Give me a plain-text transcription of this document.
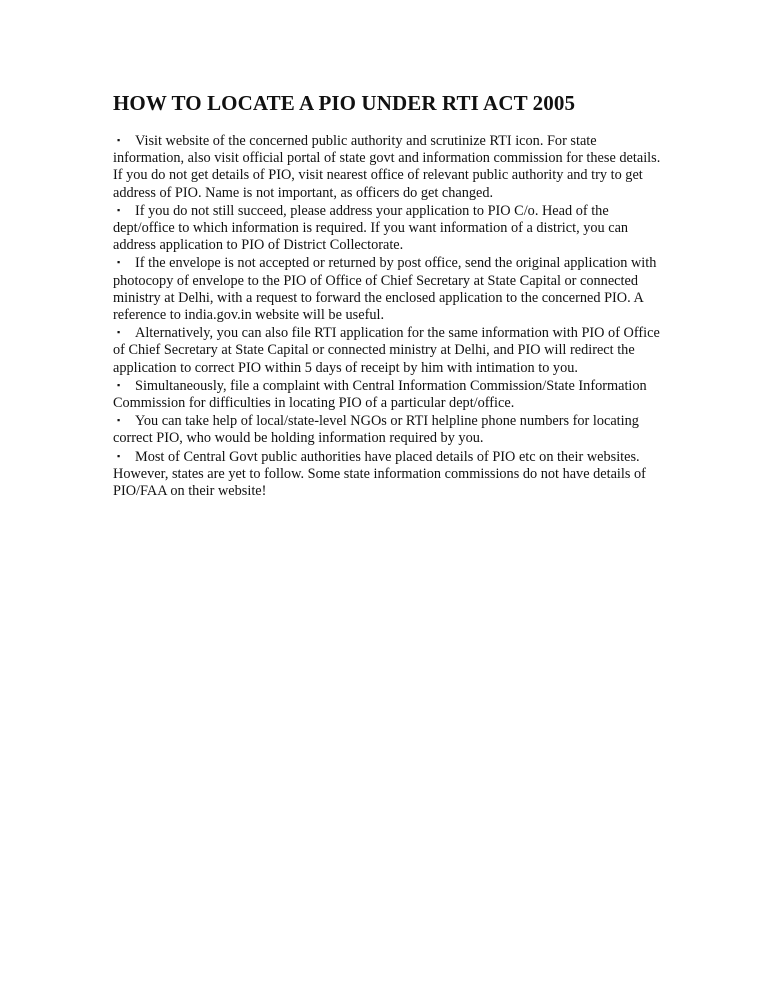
HOW TO LOCATE A PIO UNDER RTI ACT 2005
▪ Visit website of the concerned public authority and scrutinize RTI icon. For state information, also visit official portal of state govt and information commission for these details. If you do not get details of PIO, visit nearest office of relevant public authority and try to get address of PIO. Name is not important, as officers do get changed.
▪ If you do not still succeed, please address your application to PIO C/o. Head of the dept/office to which information is required. If you want information of a district, you can address application to PIO of District Collectorate.
▪ If the envelope is not accepted or returned by post office, send the original application with photocopy of envelope to the PIO of Office of Chief Secretary at State Capital or connected ministry at Delhi, with a request to forward the enclosed application to the concerned PIO. A reference to india.gov.in website will be useful.
▪ Alternatively, you can also file RTI application for the same information with PIO of Office of Chief Secretary at State Capital or connected ministry at Delhi, and PIO will redirect the application to correct PIO within 5 days of receipt by him with intimation to you.
▪ Simultaneously, file a complaint with Central Information Commission/State Information Commission for difficulties in locating PIO of a particular dept/office.
▪ You can take help of local/state-level NGOs or RTI helpline phone numbers for locating correct PIO, who would be holding information required by you.
▪ Most of Central Govt public authorities have placed details of PIO etc on their websites. However, states are yet to follow. Some state information commissions do not have details of PIO/FAA on their website!
